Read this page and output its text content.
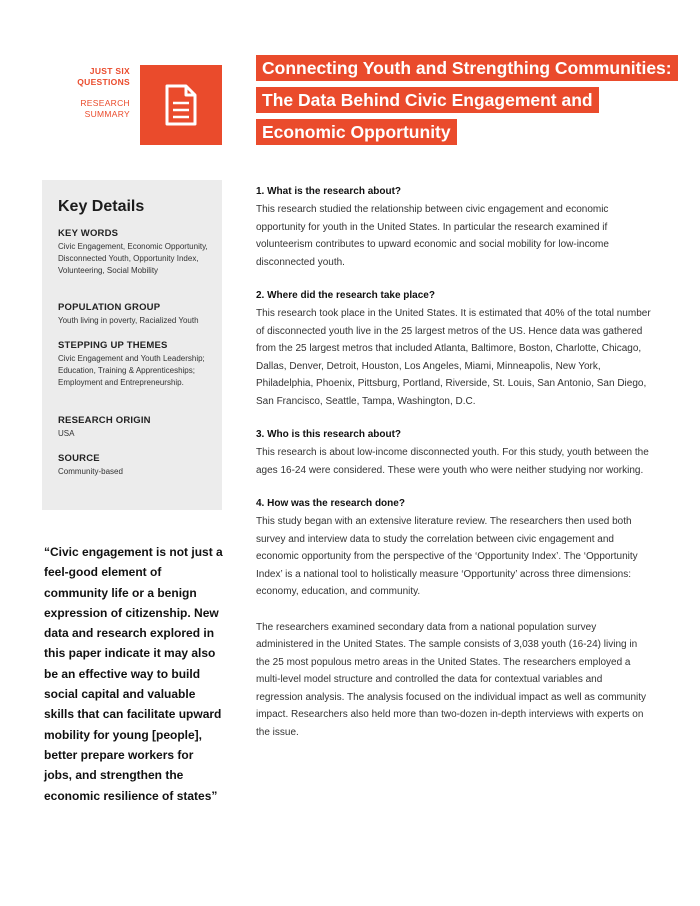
JUST SIX
QUESTIONS
RESEARCH
SUMMARY
Connecting Youth and Strengthing Communities:
The Data Behind Civic Engagement and
Economic Opportunity
Key Details
KEY WORDS
Civic Engagement, Economic Opportunity, Disconnected Youth, Opportunity Index, Volunteering, Social Mobility
POPULATION GROUP
Youth living in poverty, Racialized Youth
STEPPING UP THEMES
Civic Engagement and Youth Leadership; Education, Training & Apprenticeships; Employment and Entrepreneurship.
RESEARCH ORIGIN
USA
SOURCE
Community-based
“Civic engagement is not just a feel-good element of community life or a benign expression of citizenship. New data and research explored in this paper indicate it may also be an effective way to build social capital and valuable skills that can facilitate upward mobility for young [people], better prepare workers for jobs, and strengthen the economic resilience of states”
1. What is the research about?
This research studied the relationship between civic engagement and economic opportunity for youth in the United States. In particular the research examined if volunteerism contributes to upward economic and social mobility for low-income disconnected youth.
2. Where did the research take place?
This research took place in the United States. It is estimated that 40% of the total number of disconnected youth live in the 25 largest metros of the US. Hence data was gathered from the 25 largest metros that included Atlanta, Baltimore, Boston, Charlotte, Chicago, Dallas, Denver, Detroit, Houston, Los Angeles, Miami, Minneapolis, New York, Philadelphia, Phoenix, Pittsburg, Portland, Riverside, St. Louis, San Antonio, San Diego, San Francisco, Seattle, Tampa, Washington, D.C.
3. Who is this research about?
This research is about low-income disconnected youth. For this study, youth between the ages 16-24 were considered. These were youth who were neither studying nor working.
4. How was the research done?
This study began with an extensive literature review. The researchers then used both survey and interview data to study the correlation between civic engagement and economic opportunity from the perspective of the ‘Opportunity Index’. The ‘Opportunity Index’ is a national tool to holistically measure ‘Opportunity’ across three dimensions: economy, education, and community.
The researchers examined secondary data from a national population survey administered in the United States. The sample consists of 3,038 youth (16-24) living in the 25 most populous metro areas in the United States. The researchers employed a multi-level model structure and controlled the data for contextual variables and regression analysis. The analysis focused on the individual impact as well as community impact. Researchers also held more than two-dozen in-depth interviews with experts on the issue.
